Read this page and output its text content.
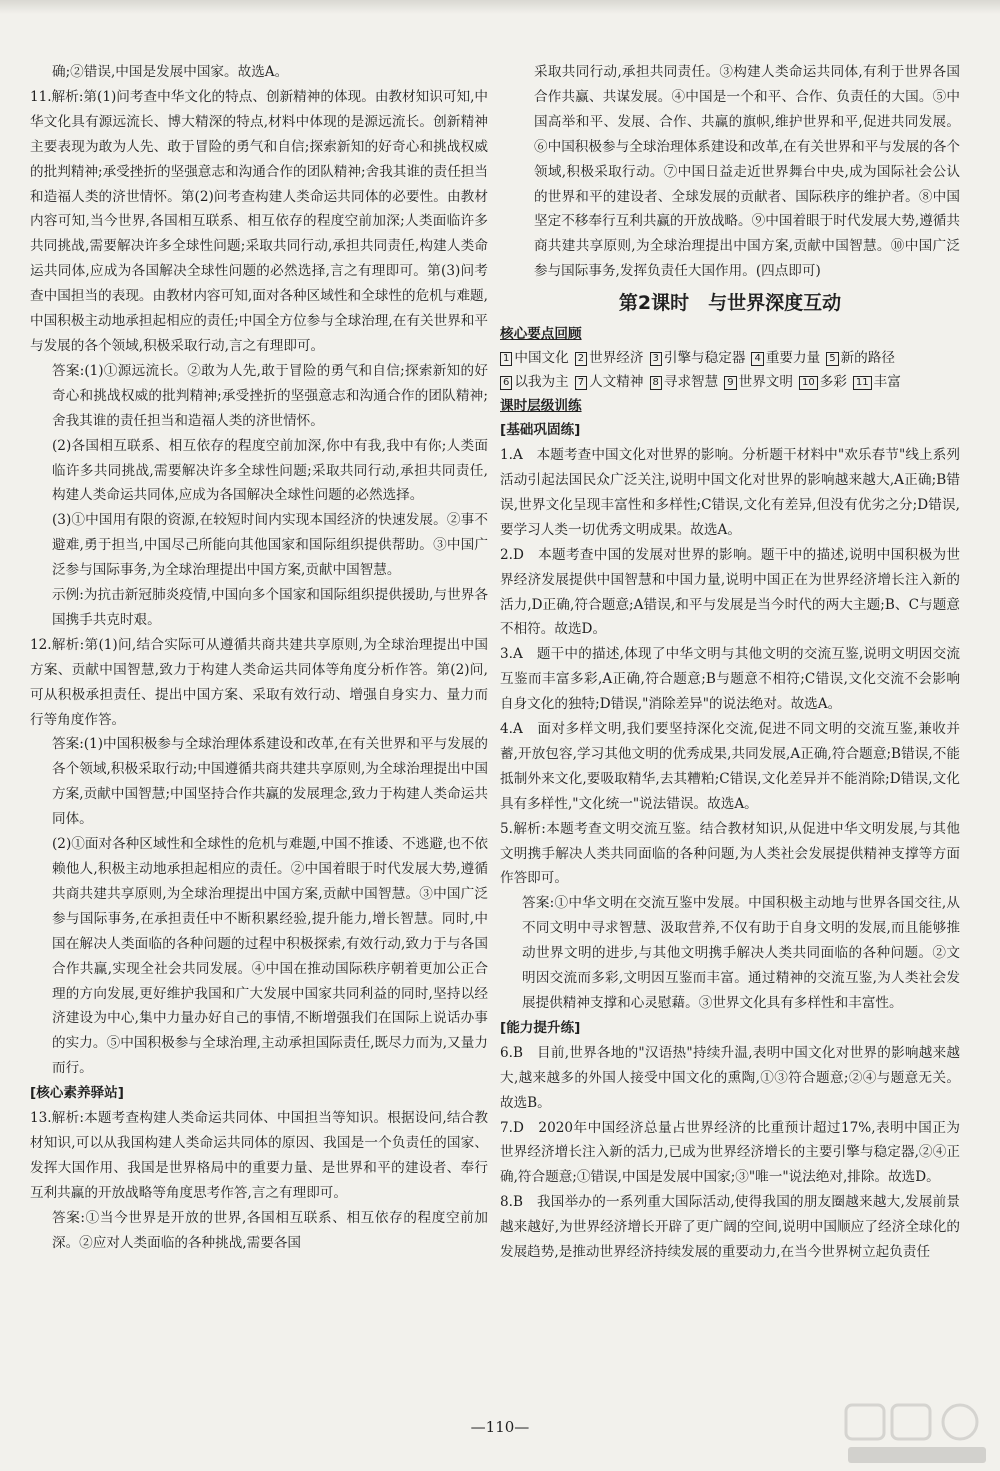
确;②错误,中国是发展中国家。故选A。

11.解析:第(1)问考查中华文化的特点、创新精神的体现。由教材知识可知,中华文化具有源远流长、博大精深的特点,材料中体现的是源远流长。创新精神主要表现为敢为人先、敢于冒险的勇气和自信;探索新知的好奇心和挑战权威的批判精神;承受挫折的坚强意志和沟通合作的团队精神;舍我其谁的责任担当和造福人类的济世情怀。第(2)问考查构建人类命运共同体的必要性。由教材内容可知,当今世界,各国相互联系、相互依存的程度空前加深;人类面临许多共同挑战,需要解决许多全球性问题;采取共同行动,承担共同责任,构建人类命运共同体,应成为各国解决全球性问题的必然选择,言之有理即可。第(3)问考查中国担当的表现。由教材内容可知,面对各种区域性和全球性的危机与难题,中国积极主动地承担起相应的责任;中国全方位参与全球治理,在有关世界和平与发展的各个领域,积极采取行动,言之有理即可。

答案:(1)①源远流长。②敢为人先,敢于冒险的勇气和自信;探索新知的好奇心和挑战权威的批判精神;承受挫折的坚强意志和沟通合作的团队精神;舍我其谁的责任担当和造福人类的济世情怀。

(2)各国相互联系、相互依存的程度空前加深,你中有我,我中有你;人类面临许多共同挑战,需要解决许多全球性问题;采取共同行动,承担共同责任,构建人类命运共同体,应成为各国解决全球性问题的必然选择。

(3)①中国用有限的资源,在较短时间内实现本国经济的快速发展。②事不避难,勇于担当,中国尽己所能向其他国家和国际组织提供帮助。③中国广泛参与国际事务,为全球治理提出中国方案,贡献中国智慧。

示例:为抗击新冠肺炎疫情,中国向多个国家和国际组织提供援助,与世界各国携手共克时艰。

12.解析:第(1)问,结合实际可从遵循共商共建共享原则,为全球治理提出中国方案、贡献中国智慧,致力于构建人类命运共同体等角度分析作答。第(2)问,可从积极承担责任、提出中国方案、采取有效行动、增强自身实力、量力而行等角度作答。

答案:(1)中国积极参与全球治理体系建设和改革,在有关世界和平与发展的各个领域,积极采取行动;中国遵循共商共建共享原则,为全球治理提出中国方案,贡献中国智慧;中国坚持合作共赢的发展理念,致力于构建人类命运共同体。

(2)①面对各种区域性和全球性的危机与难题,中国不推诿、不逃避,也不依赖他人,积极主动地承担起相应的责任。②中国着眼于时代发展大势,遵循共商共建共享原则,为全球治理提出中国方案,贡献中国智慧。③中国广泛参与国际事务,在承担责任中不断积累经验,提升能力,增长智慧。同时,中国在解决人类面临的各种问题的过程中积极探索,有效行动,致力于与各国合作共赢,实现全社会共同发展。④中国在推动国际秩序朝着更加公正合理的方向发展,更好维护我国和广大发展中国家共同利益的同时,坚持以经济建设为中心,集中力量办好自己的事情,不断增强我们在国际上说话办事的实力。⑤中国积极参与全球治理,主动承担国际责任,既尽力而为,又量力而行。

[核心素养驿站]

13.解析:本题考查构建人类命运共同体、中国担当等知识。根据设问,结合教材知识,可以从我国构建人类命运共同体的原因、我国是一个负责任的国家、发挥大国作用、我国是世界格局中的重要力量、是世界和平的建设者、奉行互利共赢的开放战略等角度思考作答,言之有理即可。

答案:①当今世界是开放的世界,各国相互联系、相互依存的程度空前加深。②应对人类面临的各种挑战,需要各国

采取共同行动,承担共同责任。③构建人类命运共同体,有利于世界各国合作共赢、共谋发展。④中国是一个和平、合作、负责任的大国。⑤中国高举和平、发展、合作、共赢的旗帜,维护世界和平,促进共同发展。⑥中国积极参与全球治理体系建设和改革,在有关世界和平与发展的各个领域,积极采取行动。⑦中国日益走近世界舞台中央,成为国际社会公认的世界和平的建设者、全球发展的贡献者、国际秩序的维护者。⑧中国坚定不移奉行互利共赢的开放战略。⑨中国着眼于时代发展大势,遵循共商共建共享原则,为全球治理提出中国方案,贡献中国智慧。⑩中国广泛参与国际事务,发挥负责任大国作用。(四点即可)

第2课时　与世界深度互动
核心要点回顾
1 中国文化 2 世界经济 3 引擎与稳定器 4 重要力量 5 新的路径6 以我为主 7 人文精神 8 寻求智慧 9 世界文明 10 多彩 11 丰富
课时层级训练

[基础巩固练]

1.A　本题考查中国文化对世界的影响。分析题干材料中"欢乐春节"线上系列活动引起法国民众广泛关注,说明中国文化对世界的影响越来越大,A正确;B错误,世界文化呈现丰富性和多样性;C错误,文化有差异,但没有优劣之分;D错误,要学习人类一切优秀文明成果。故选A。

2.D　本题考查中国的发展对世界的影响。题干中的描述,说明中国积极为世界经济发展提供中国智慧和中国力量,说明中国正在为世界经济增长注入新的活力,D正确,符合题意;A错误,和平与发展是当今时代的两大主题;B、C与题意不相符。故选D。

3.A　题干中的描述,体现了中华文明与其他文明的交流互鉴,说明文明因交流互鉴而丰富多彩,A正确,符合题意;B与题意不相符;C错误,文化交流不会影响自身文化的独特;D错误,"消除差异"的说法绝对。故选A。

4.A　面对多样文明,我们要坚持深化交流,促进不同文明的交流互鉴,兼收并蓄,开放包容,学习其他文明的优秀成果,共同发展,A正确,符合题意;B错误,不能抵制外来文化,要吸取精华,去其糟粕;C错误,文化差异并不能消除;D错误,文化具有多样性,"文化统一"说法错误。故选A。

5.解析:本题考查文明交流互鉴。结合教材知识,从促进中华文明发展,与其他文明携手解决人类共同面临的各种问题,为人类社会发展提供精神支撑等方面作答即可。

答案:①中华文明在交流互鉴中发展。中国积极主动地与世界各国交往,从不同文明中寻求智慧、汲取营养,不仅有助于自身文明的发展,而且能够推动世界文明的进步,与其他文明携手解决人类共同面临的各种问题。②文明因交流而多彩,文明因互鉴而丰富。通过精神的交流互鉴,为人类社会发展提供精神支撑和心灵慰藉。③世界文化具有多样性和丰富性。

[能力提升练]

6.B　目前,世界各地的"汉语热"持续升温,表明中国文化对世界的影响越来越大,越来越多的外国人接受中国文化的熏陶,①③符合题意;②④与题意无关。故选B。

7.D　2020年中国经济总量占世界经济的比重预计超过17%,表明中国正为世界经济增长注入新的活力,已成为世界经济增长的主要引擎与稳定器,②④正确,符合题意;①错误,中国是发展中国家;③"唯一"说法绝对,排除。故选D。

8.B　我国举办的一系列重大国际活动,使得我国的朋友圈越来越大,发展前景越来越好,为世界经济增长开辟了更广阔的空间,说明中国顺应了经济全球化的发展趋势,是推动世界经济持续发展的重要动力,在当今世界树立起负责任

—110—
